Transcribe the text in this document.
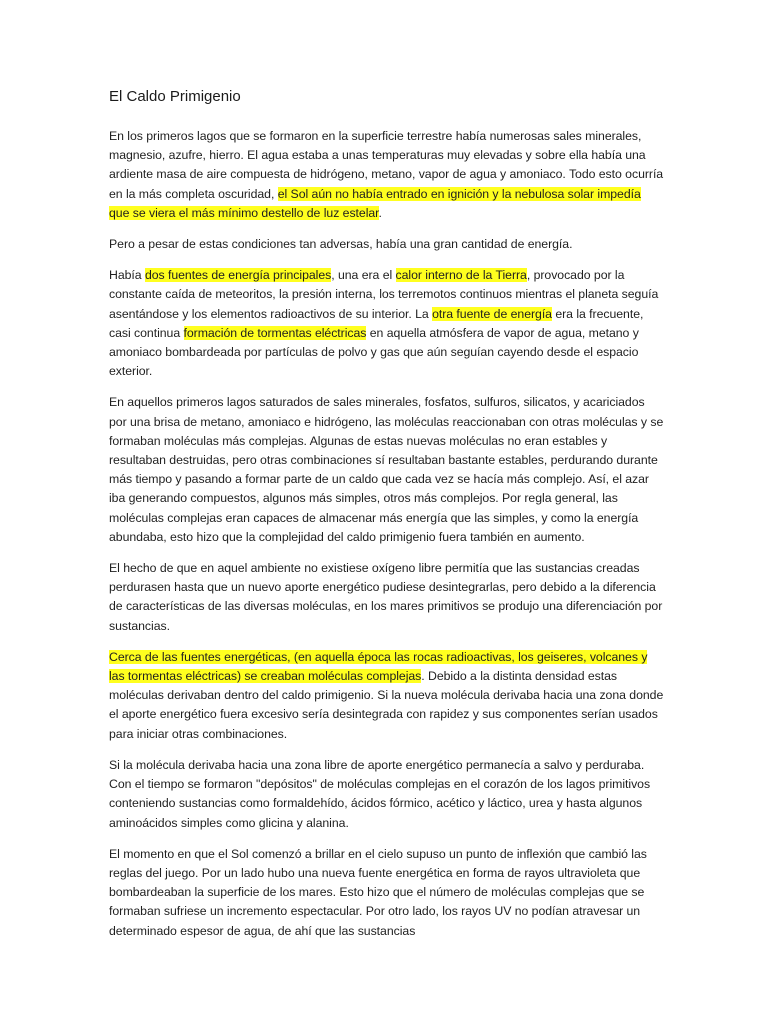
El Caldo Primigenio

En los primeros lagos que se formaron en la superficie terrestre había numerosas sales minerales, magnesio, azufre, hierro. El agua estaba a unas temperaturas muy elevadas y sobre ella había una ardiente masa de aire compuesta de hidrógeno, metano, vapor de agua y amoniaco. Todo esto ocurría en la más completa oscuridad, el Sol aún no había entrado en ignición y la nebulosa solar impedía que se viera el más mínimo destello de luz estelar.

Pero a pesar de estas condiciones tan adversas, había una gran cantidad de energía.

Había dos fuentes de energía principales, una era el calor interno de la Tierra, provocado por la constante caída de meteoritos, la presión interna, los terremotos continuos mientras el planeta seguía asentándose y los elementos radioactivos de su interior. La otra fuente de energía era la frecuente, casi continua formación de tormentas eléctricas en aquella atmósfera de vapor de agua, metano y amoniaco bombardeada por partículas de polvo y gas que aún seguían cayendo desde el espacio exterior.

En aquellos primeros lagos saturados de sales minerales, fosfatos, sulfuros, silicatos, y acariciados por una brisa de metano, amoniaco e hidrógeno, las moléculas reaccionaban con otras moléculas y se formaban moléculas más complejas. Algunas de estas nuevas moléculas no eran estables y resultaban destruidas, pero otras combinaciones sí resultaban bastante estables, perdurando durante más tiempo y pasando a formar parte de un caldo que cada vez se hacía más complejo. Así, el azar iba generando compuestos, algunos más simples, otros más complejos. Por regla general, las moléculas complejas eran capaces de almacenar más energía que las simples, y como la energía abundaba, esto hizo que la complejidad del caldo primigenio fuera también en aumento.

El hecho de que en aquel ambiente no existiese oxígeno libre permitía que las sustancias creadas perdurasen hasta que un nuevo aporte energético pudiese desintegrarlas, pero debido a la diferencia de características de las diversas moléculas, en los mares primitivos se produjo una diferenciación por sustancias.

Cerca de las fuentes energéticas, (en aquella época las rocas radioactivas, los geiseres, volcanes y las tormentas eléctricas) se creaban moléculas complejas. Debido a la distinta densidad estas moléculas derivaban dentro del caldo primigenio. Si la nueva molécula derivaba hacia una zona donde el aporte energético fuera excesivo sería desintegrada con rapidez y sus componentes serían usados para iniciar otras combinaciones.

Si la molécula derivaba hacia una zona libre de aporte energético permanecía a salvo y perduraba. Con el tiempo se formaron "depósitos" de moléculas complejas en el corazón de los lagos primitivos conteniendo sustancias como formaldehído, ácidos fórmico, acético y láctico, urea y hasta algunos aminoácidos simples como glicina y alanina.

El momento en que el Sol comenzó a brillar en el cielo supuso un punto de inflexión que cambió las reglas del juego. Por un lado hubo una nueva fuente energética en forma de rayos ultravioleta que bombardeaban la superficie de los mares. Esto hizo que el número de moléculas complejas que se formaban sufriese un incremento espectacular. Por otro lado, los rayos UV no podían atravesar un determinado espesor de agua, de ahí que las sustancias
